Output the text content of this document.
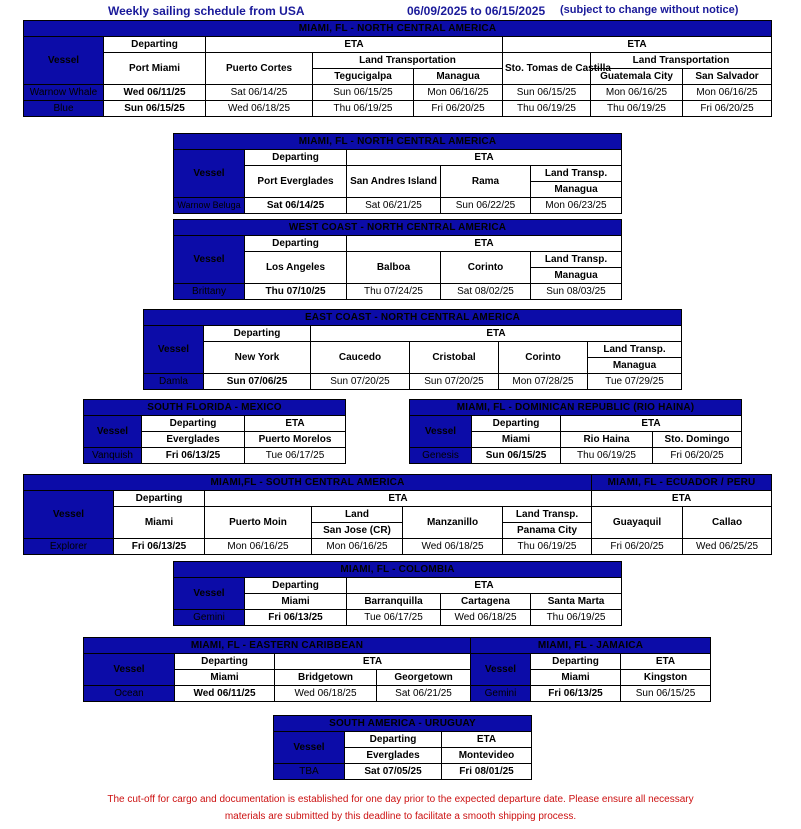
Weekly sailing schedule from USA	06/09/2025 to 06/15/2025 (subject to change without notice)
MIAMI, FL - NORTH CENTRAL AMERICA							
Vessel	Departing	ETA			ETA		
	Port Miami	Puerto Cortes	Land Transportation		Sto. Tomas de Castilla	Land Transportation	
			Tegucigalpa	Managua		Guatemala City	San Salvador
Warnow Whale	Wed 06/11/25	Sat 06/14/25	Sun 06/15/25	Mon 06/16/25	Sun 06/15/25	Mon 06/16/25	Mon 06/16/25
Blue	Sun 06/15/25	Wed 06/18/25	Thu 06/19/25	Fri 06/20/25	Thu 06/19/25	Thu 06/19/25	Fri 06/20/25
MIAMI, FL - NORTH CENTRAL AMERICA				
Vessel	Departing	ETA		
	Port Everglades	San Andres Island	Rama	Land Transp.
				Managua
Warnow Beluga	Sat 06/14/25	Sat 06/21/25	Sun 06/22/25	Mon 06/23/25
WEST COAST - NORTH CENTRAL AMERICA				
Vessel	Departing	ETA		
	Los Angeles	Balboa	Corinto	Land Transp.
				Managua
Brittany	Thu 07/10/25	Thu 07/24/25	Sat 08/02/25	Sun 08/03/25
EAST COAST - NORTH CENTRAL AMERICA					
Vessel	Departing	ETA			
	New York	Caucedo	Cristobal	Corinto	Land Transp.
					Managua
Damla	Sun 07/06/25	Sun 07/20/25	Sun 07/20/25	Mon 07/28/25	Tue 07/29/25
SOUTH FLORIDA - MEXICO		
Vessel	Departing	ETA
	Everglades	Puerto Morelos
Vanquish	Fri 06/13/25	Tue 06/17/25
MIAMI, FL - DOMINICAN REPUBLIC (RIO HAINA)			
Vessel	Departing	ETA	
	Miami	Rio Haina	Sto. Domingo
Genesis	Sun 06/15/25	Thu 06/19/25	Fri 06/20/25
MIAMI,FL - SOUTH CENTRAL AMERICA						MIAMI, FL - ECUADOR / PERU	
Vessel	Departing	ETA				ETA	
	Miami	Puerto Moin	Land	Manzanillo	Land Transp.	Guayaquil	Callao
			San Jose (CR)		Panama City		
Explorer	Fri 06/13/25	Mon 06/16/25	Mon 06/16/25	Wed 06/18/25	Thu 06/19/25	Fri 06/20/25	Wed 06/25/25
MIAMI, FL - COLOMBIA				
Vessel	Departing	ETA		
	Miami	Barranquilla	Cartagena	Santa Marta
Gemini	Fri 06/13/25	Tue 06/17/25	Wed 06/18/25	Thu 06/19/25
MIAMI, FL - EASTERN CARIBBEAN			
Vessel	Departing	ETA	
	Miami	Bridgetown	Georgetown
Ocean	Wed 06/11/25	Wed 06/18/25	Sat 06/21/25
MIAMI, FL - JAMAICA		
Vessel	Departing	ETA
	Miami	Kingston
Gemini	Fri 06/13/25	Sun 06/15/25
SOUTH AMERICA - URUGUAY		
Vessel	Departing	ETA
	Everglades	Montevideo
TBA	Sat 07/05/25	Fri 08/01/25
The cut-off for cargo and documentation is established for one day prior to the expected departure date. Please ensure all necessary
materials are submitted by this deadline to facilitate a smooth shipping process.
